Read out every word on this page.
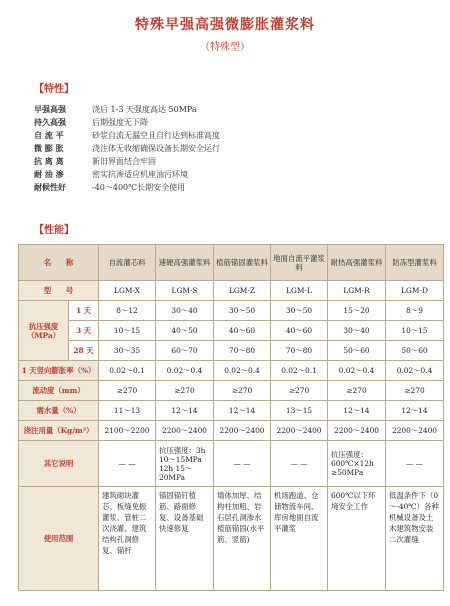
特殊早强高强微膨胀灌浆料
（特殊型）
【特性】
早强高强	浇后 1-3 天强度高达 50MPa
持久高强	后期强度无下降
自 流 平	砂浆自流无漏空且自行达到标准高度
微 膨 胀	浇注体无收缩确保设备长期安全运行
抗 离 离	新旧界面结合牢固
耐 油 渗	密实抗渗适应机座油污环境
耐候性好	-40～400℃长期安全使用
【性能】
名　　称		自流灌芯料	速硬高强灌浆料	植筋锚固灌浆料	地面自流平灌浆料	耐热高强灌浆料	防冻型灌浆料
型　　号		LGM-X	LGM-S	LGM-Z	LGM-L	LGM-R	LGM-D
抗压强度（MPa）	1 天	8～12	30～40	30～50	30～50	15～20	8～9
	3 天	10～15	40～50	40～60	40～60	30～40	10～15
	28 天	30～35	60～70	70～80	70～80	50～60	50～60
1 天竖向膨胀率（%）		0.02～0.1	0.02～0.4	0.02～0.4	0.02～0.1	0.02～0.4	0.02～0.4
流动度（mm）		≥270	≥270	≥270	≥270	≥270	≥270
需水量（%）		11～13	12～14	12～14	13～15	12～14	12～14
浇注用量（Kg/m³）		2100～2200	2200～2400	2200～2400	2200～2400	2200～2400	2200～2400
其它说明		— —	抗压强度：3h 10～15MPa 12h 15～20MPa	— —	— —	抗压强度：600℃×12h ≥50MPa	— —
使用范围		建筑砌块灌芯、板缝免振灌浆、管桩二次浇灌、建筑结构孔洞修复、锚杆	锚固锚钉植筋、路面修复、设备基础快速修复	墙体加厚、结构柱加粗、岩石层孔洞渗水植筋锚固(水平筋、竖筋)	机场跑道、仓储物流车间、库房地面自流平灌浆	600℃以下环境安全工作	低温条件下（0～-40℃）各种机械设备及土木建筑物安装二次灌缝
